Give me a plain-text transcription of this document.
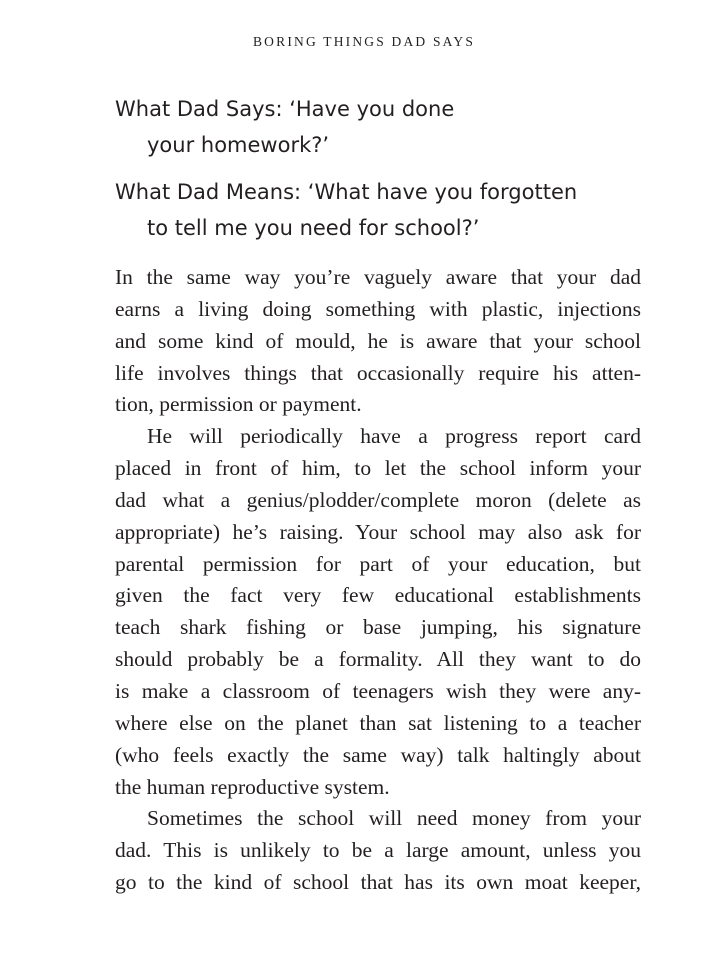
BORING THINGS DAD SAYS
What Dad Says: ‘Have you done
your homework?’
What Dad Means: ‘What have you forgotten
to tell me you need for school?’
In the same way you’re vaguely aware that your dad
earns a living doing something with plastic, injections
and some kind of mould, he is aware that your school
life involves things that occasionally require his atten-
tion, permission or payment.
He will periodically have a progress report card
placed in front of him, to let the school inform your
dad what a genius/plodder/complete moron (delete as
appropriate) he’s raising. Your school may also ask for
parental permission for part of your education, but
given the fact very few educational establishments
teach shark fishing or base jumping, his signature
should probably be a formality. All they want to do
is make a classroom of teenagers wish they were any-
where else on the planet than sat listening to a teacher
(who feels exactly the same way) talk haltingly about
the human reproductive system.
Sometimes the school will need money from your
dad. This is unlikely to be a large amount, unless you
go to the kind of school that has its own moat keeper,
